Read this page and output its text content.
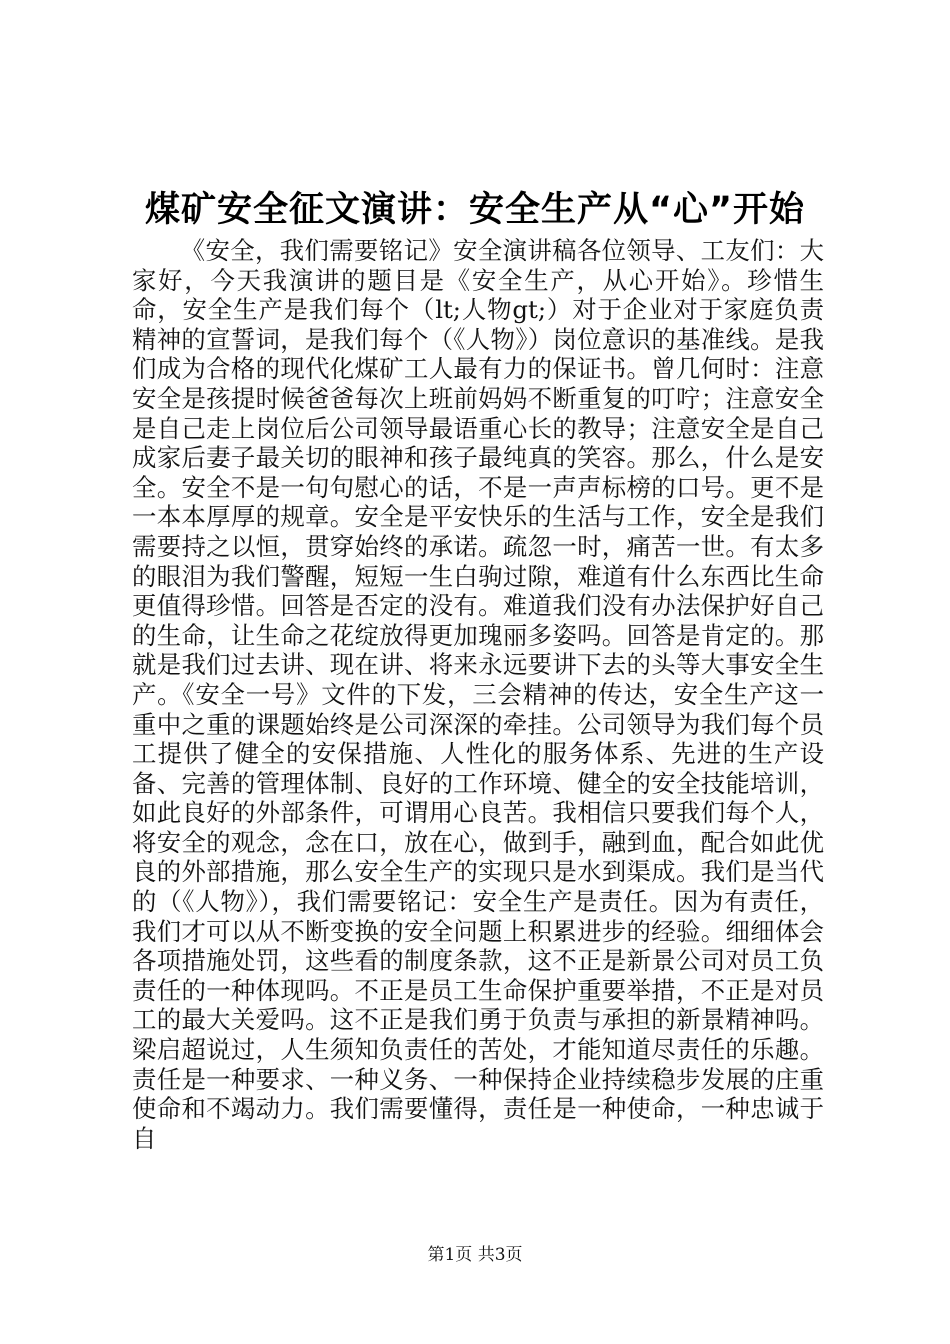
煤矿安全征文演讲：安全生产从“心”开始

《安全，我们需要铭记》安全演讲稿各位领导、工友们：大家好，今天我演讲的题目是《安全生产，从心开始》。珍惜生命，安全生产是我们每个（lt;人物gt;）对于企业对于家庭负责精神的宣誓词，是我们每个（《人物》）岗位意识的基准线。是我们成为合格的现代化煤矿工人最有力的保证书。曾几何时：注意安全是孩提时候爸爸每次上班前妈妈不断重复的叮咛；注意安全是自己走上岗位后公司领导最语重心长的教导；注意安全是自己成家后妻子最关切的眼神和孩子最纯真的笑容。那么，什么是安全。安全不是一句句慰心的话，不是一声声标榜的口号。更不是一本本厚厚的规章。安全是平安快乐的生活与工作，安全是我们需要持之以恒，贯穿始终的承诺。疏忽一时，痛苦一世。有太多的眼泪为我们警醒，短短一生白驹过隙，难道有什么东西比生命更值得珍惜。回答是否定的没有。难道我们没有办法保护好自己的生命，让生命之花绽放得更加瑰丽多姿吗。回答是肯定的。那就是我们过去讲、现在讲、将来永远要讲下去的头等大事安全生产。《安全一号》文件的下发，三会精神的传达，安全生产这一重中之重的课题始终是公司深深的牵挂。公司领导为我们每个员工提供了健全的安保措施、人性化的服务体系、先进的生产设备、完善的管理体制、良好的工作环境、健全的安全技能培训，如此良好的外部条件，可谓用心良苦。我相信只要我们每个人，将安全的观念，念在口，放在心，做到手，融到血，配合如此优良的外部措施，那么安全生产的实现只是水到渠成。我们是当代的（《人物》），我们需要铭记：安全生产是责任。因为有责任，我们才可以从不断变换的安全问题上积累进步的经验。细细体会各项措施处罚，这些看的制度条款，这不正是新景公司对员工负责任的一种体现吗。不正是员工生命保护重要举措，不正是对员工的最大关爱吗。这不正是我们勇于负责与承担的新景精神吗。梁启超说过，人生须知负责任的苦处，才能知道尽责任的乐趣。责任是一种要求、一种义务、一种保持企业持续稳步发展的庄重使命和不竭动力。我们需要懂得，责任是一种使命，一种忠诚于自

第1页 共3页
